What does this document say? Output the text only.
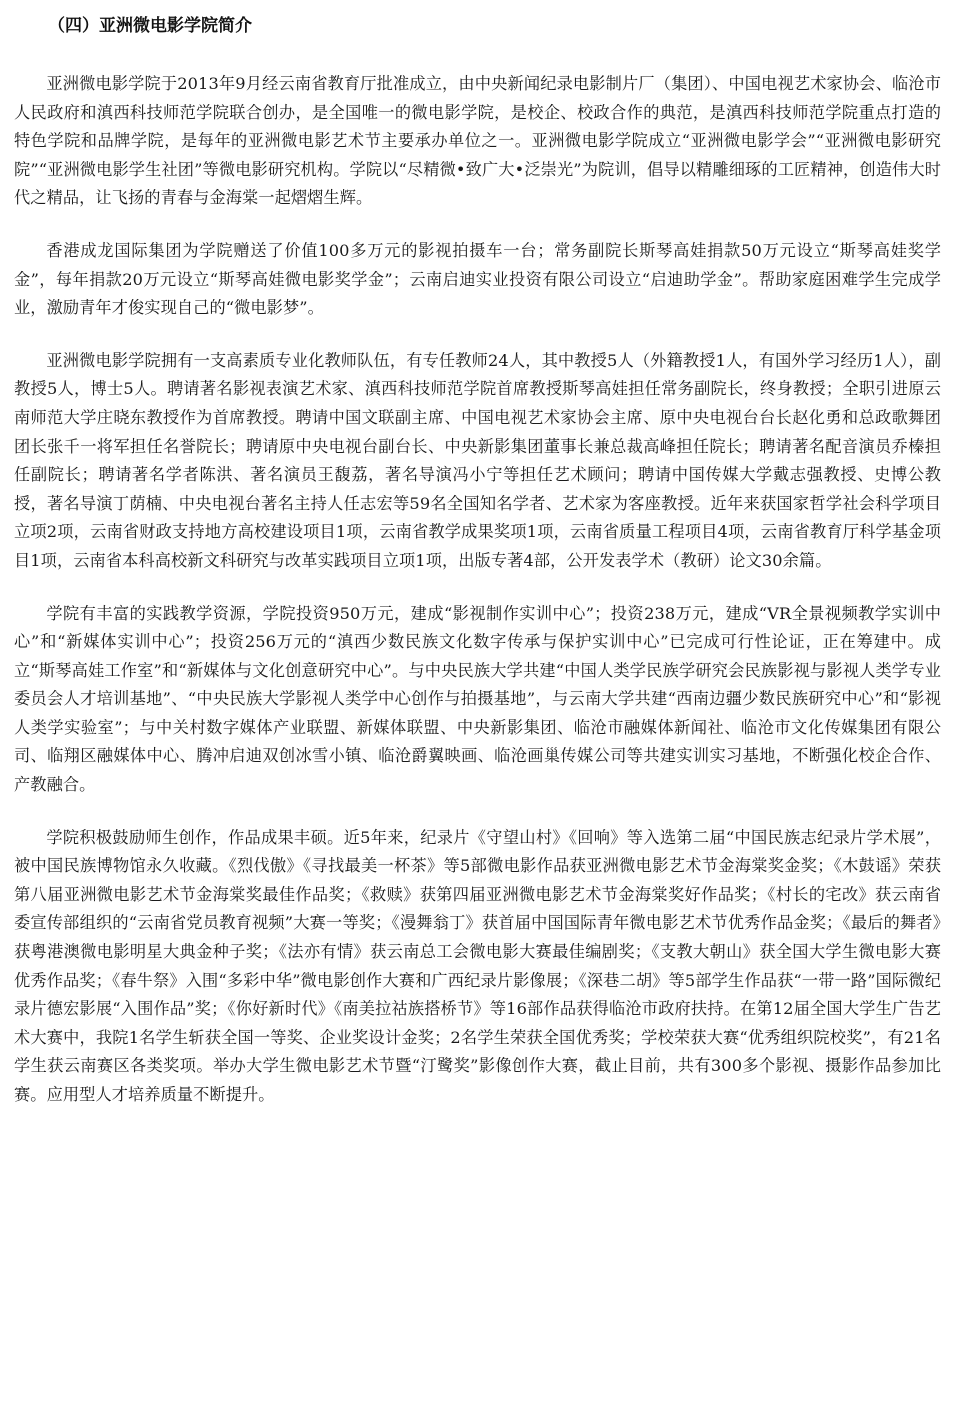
（四）亚洲微电影学院简介

亚洲微电影学院于2013年9月经云南省教育厅批准成立，由中央新闻纪录电影制片厂（集团）、中国电视艺术家协会、临沧市人民政府和滇西科技师范学院联合创办，是全国唯一的微电影学院，是校企、校政合作的典范，是滇西科技师范学院重点打造的特色学院和品牌学院，是每年的亚洲微电影艺术节主要承办单位之一。亚洲微电影学院成立“亚洲微电影学会”“亚洲微电影研究院”“亚洲微电影学生社团”等微电影研究机构。学院以“尽精微•致广大•泛崇光”为院训，倡导以精雕细琢的工匠精神，创造伟大时代之精品，让飞扬的青春与金海棠一起熠熠生辉。

香港成龙国际集团为学院赠送了价值100多万元的影视拍摄车一台；常务副院长斯琴高娃捐款50万元设立“斯琴高娃奖学金”，每年捐款20万元设立“斯琴高娃微电影奖学金”；云南启迪实业投资有限公司设立“启迪助学金”。帮助家庭困难学生完成学业，激励青年才俊实现自己的“微电影梦”。

亚洲微电影学院拥有一支高素质专业化教师队伍，有专任教师24人，其中教授5人（外籍教授1人，有国外学习经历1人），副教授5人，博士5人。聘请著名影视表演艺术家、滇西科技师范学院首席教授斯琴高娃担任常务副院长，终身教授；全职引进原云南师范大学庄晓东教授作为首席教授。聘请中国文联副主席、中国电视艺术家协会主席、原中央电视台台长赵化勇和总政歌舞团团长张千一将军担任名誉院长；聘请原中央电视台副台长、中央新影集团董事长兼总裁高峰担任院长；聘请著名配音演员乔榛担任副院长；聘请著名学者陈洪、著名演员王馥荔，著名导演冯小宁等担任艺术顾问；聘请中国传媒大学戴志强教授、史博公教授，著名导演丁荫楠、中央电视台著名主持人任志宏等59名全国知名学者、艺术家为客座教授。近年来获国家哲学社会科学项目立项2项，云南省财政支持地方高校建设项目1项，云南省教学成果奖项1项，云南省质量工程项目4项，云南省教育厅科学基金项目1项，云南省本科高校新文科研究与改革实践项目立项1项，出版专著4部，公开发表学术（教研）论文30余篇。

学院有丰富的实践教学资源，学院投资950万元，建成“影视制作实训中心”；投资238万元，建成“VR全景视频教学实训中心”和“新媒体实训中心”；投资256万元的“滇西少数民族文化数字传承与保护实训中心”已完成可行性论证，正在筹建中。成立“斯琴高娃工作室”和“新媒体与文化创意研究中心”。与中央民族大学共建“中国人类学民族学研究会民族影视与影视人类学专业委员会人才培训基地”、“中央民族大学影视人类学中心创作与拍摄基地”，与云南大学共建“西南边疆少数民族研究中心”和“影视人类学实验室”；与中关村数字媒体产业联盟、新媒体联盟、中央新影集团、临沧市融媒体新闻社、临沧市文化传媒集团有限公司、临翔区融媒体中心、腾冲启迪双创冰雪小镇、临沧爵翼映画、临沧画巢传媒公司等共建实训实习基地，不断强化校企合作、产教融合。

学院积极鼓励师生创作，作品成果丰硕。近5年来，纪录片《守望山村》《回响》等入选第二届“中国民族志纪录片学术展”，被中国民族博物馆永久收藏。《烈伐傲》《寻找最美一杯茶》等5部微电影作品获亚洲微电影艺术节金海棠奖金奖；《木鼓谣》荣获第八届亚洲微电影艺术节金海棠奖最佳作品奖；《救赎》获第四届亚洲微电影艺术节金海棠奖好作品奖；《村长的宅改》获云南省委宣传部组织的“云南省党员教育视频”大赛一等奖；《漫舞翁丁》获首届中国国际青年微电影艺术节优秀作品金奖；《最后的舞者》获粤港澳微电影明星大典金种子奖；《法亦有情》获云南总工会微电影大赛最佳编剧奖；《支教大朝山》获全国大学生微电影大赛优秀作品奖；《春牛祭》入围“多彩中华”微电影创作大赛和广西纪录片影像展；《深巷二胡》等5部学生作品获“一带一路”国际微纪录片德宏影展“入围作品”奖；《你好新时代》《南美拉祜族搭桥节》等16部作品获得临沧市政府扶持。在第12届全国大学生广告艺术大赛中，我院1名学生斩获全国一等奖、企业奖设计金奖；2名学生荣获全国优秀奖；学校荣获大赛“优秀组织院校奖”，有21名学生获云南赛区各类奖项。举办大学生微电影艺术节暨“汀鹭奖”影像创作大赛，截止目前，共有300多个影视、摄影作品参加比赛。应用型人才培养质量不断提升。
